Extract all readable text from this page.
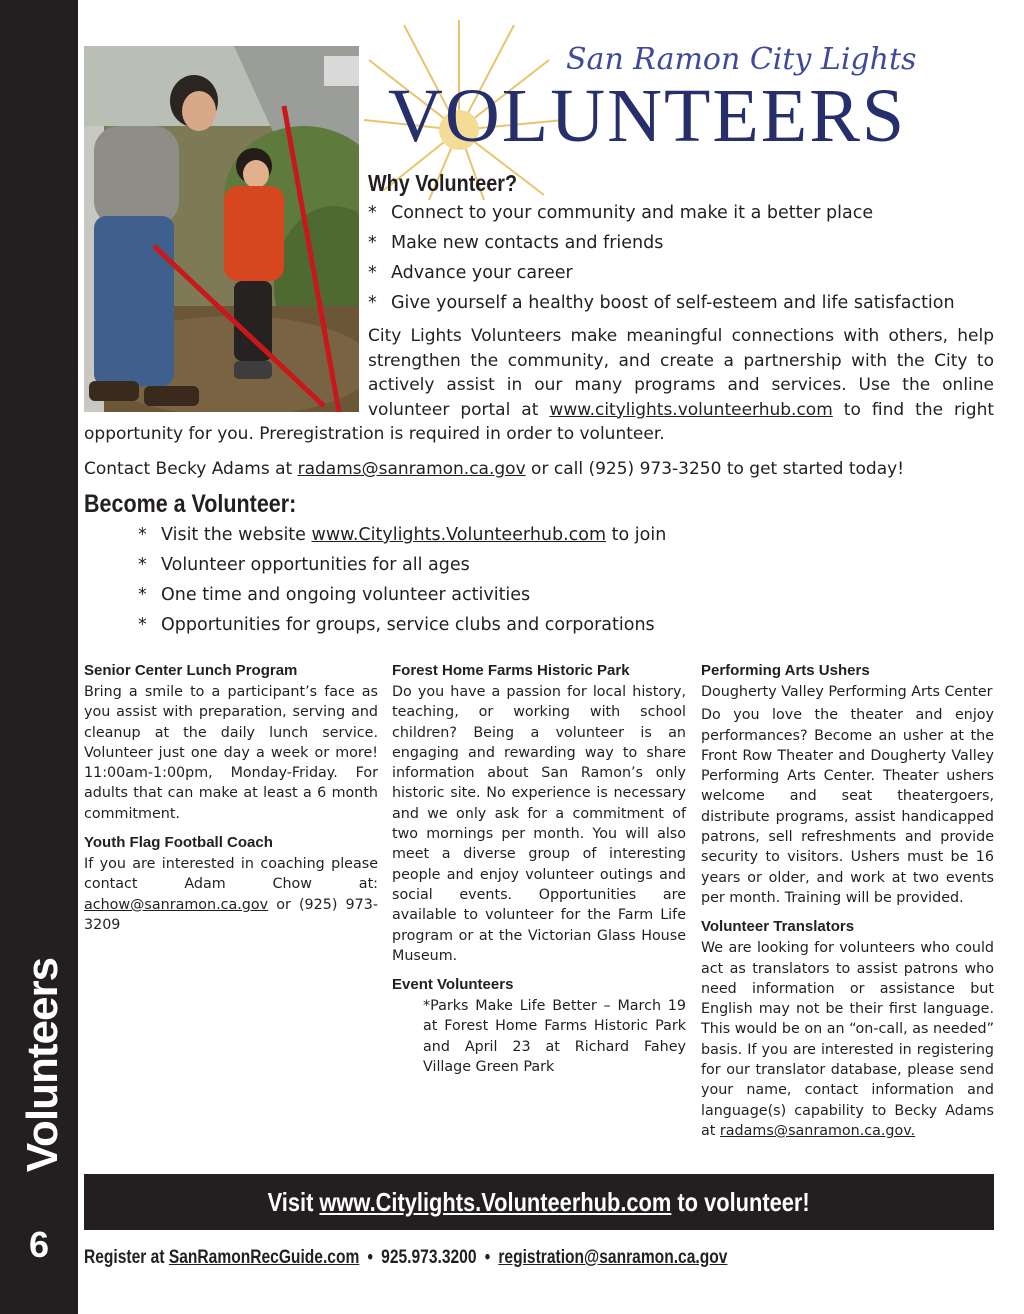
Volunteers
6
San Ramon City Lights
VOLUNTEERS
Why Volunteer?
* Connect to your community and make it a better place
* Make new contacts and friends
* Advance your career
* Give yourself a healthy boost of self-esteem and life satisfaction
City Lights Volunteers make meaningful connections with others, help strengthen the community, and create a partnership with the City to actively assist in our many programs and services. Use the online volunteer portal at www.citylights.volunteerhub.com to find the right opportunity for you. Preregistration is required in order to volunteer.
Contact Becky Adams at radams@sanramon.ca.gov or call (925) 973-3250 to get started today!
Become a Volunteer:
* Visit the website www.Citylights.Volunteerhub.com to join
* Volunteer opportunities for all ages
* One time and ongoing volunteer activities
* Opportunities for groups, service clubs and corporations
Senior Center Lunch Program

Bring a smile to a participant’s face as you assist with preparation, serving and cleanup at the daily lunch service. Volunteer just one day a week or more! 11:00am-1:00pm, Monday-Friday. For adults that can make at least a 6 month commitment.

Youth Flag Football Coach

If you are interested in coaching please contact Adam Chow at: achow@sanramon.ca.gov or (925) 973-3209

Forest Home Farms Historic Park

Do you have a passion for local history, teaching, or working with school children? Being a volunteer is an engaging and rewarding way to share information about San Ramon’s only historic site. No experience is necessary and we only ask for a commitment of two mornings per month. You will also meet a diverse group of interesting people and enjoy volunteer outings and social events. Opportunities are available to volunteer for the Farm Life program or at the Victorian Glass House Museum.

Event Volunteers

*Parks Make Life Better – March 19 at Forest Home Farms Historic Park and April 23 at Richard Fahey Village Green Park

Performing Arts Ushers

Dougherty Valley Performing Arts Center

Do you love the theater and enjoy performances? Become an usher at the Front Row Theater and Dougherty Valley Performing Arts Center. Theater ushers welcome and seat theatergoers, distribute programs, assist handicapped patrons, sell refreshments and provide security to visitors. Ushers must be 16 years or older, and work at two events per month. Training will be provided.

Volunteer Translators

We are looking for volunteers who could act as translators to assist patrons who need information or assistance but English may not be their first language. This would be on an “on-call, as needed” basis. If you are interested in registering for our translator database, please send your name, contact information and language(s) capability to Becky Adams at radams@sanramon.ca.gov.

Visit www.Citylights.Volunteerhub.com to volunteer!
Register at SanRamonRecGuide.com • 925.973.3200 • registration@sanramon.ca.gov
